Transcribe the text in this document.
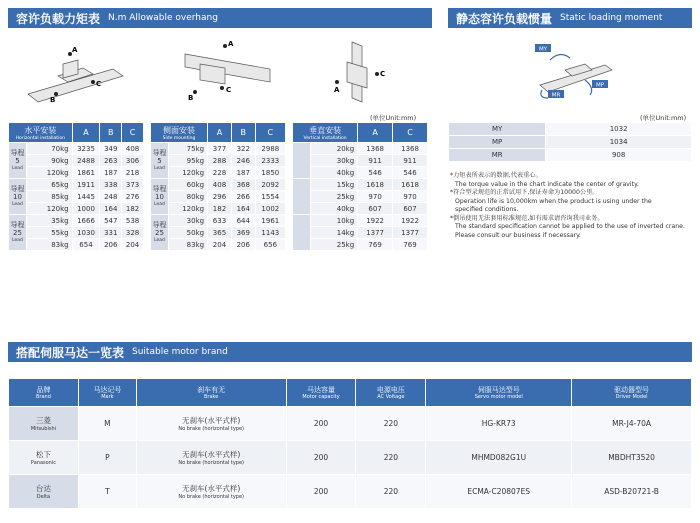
容许负载力矩表 N.m Allowable overhang
A
B
C
A
B
C	A
C
(单位Unit:mm)
水平安装
Horizontal installation		A	B	C

导程
5
Lead	70kg	3235	349	408
	90kg	2488	263	306
	120kg	1861	187	218

导程
10
Lead	65kg	1911	338	373
	85kg	1445	248	276
	120kg	1000	164	182

导程
25
Lead	35kg	1666	547	538
	55kg	1030	331	328
	83kg	654	206	204
侧面安装
Side mounting		A	B	C

导程
5
Lead	75kg	377	322	2988
	95kg	288	246	2333
	120kg	228	187	1850

导程
10
Lead	60kg	408	368	2092
	80kg	296	266	1554
	120kg	182	164	1002

导程
25
Lead	30kg	633	644	1961
	50kg	365	369	1143
	83kg	204	206	656
垂直安装
Vertical installation		A	C
	20kg	1368	1368
	30kg	911	911
	40kg	546	546
	15kg	1618	1618
	25kg	970	970
	40kg	607	607
	10kg	1922	1922
	14kg	1377	1377
	25kg	769	769
静态容许负载惯量 Static loading moment
MY
MP
MR
(单位Unit:mm)
MY	1032
MP	1034
MR	908
*力矩表所表示的数据,代表重心。
The torque value in the chart indicate the center of gravity.
*符合型录规范的正常试用下,保证寿命为10000公里。
Operation life is 10,000km when the product is using under the
specified conditions.
*倒吊使用无法套用标准规范,如有需求请咨询我司业务。
The standard specification cannot be applied to the use of inverted crane.
Please consult our business if necessary.
搭配伺服马达一览表 Suitable motor brand
品牌
Brand	马达记号
Mark	刹车有无
Brake	马达容量
Motor capacity	电源电压
AC Voltage	伺服马达型号
Servo motor model	驱动器型号
Driver Model

三菱
Mitsubishi	M	无刹车(水平式样)
No brake (horizontal type)	200	220	HG-KR73	MR-J4-70A
松下
Panasonic	P	无刹车(水平式样)
No brake (horizontal type)	200	220	MHMD082G1U	MBDHT3520
台达
Delta	T	无刹车(水平式样)
No brake (horizontal type)	200	220	ECMA-C20807ES	ASD-B20721-B
